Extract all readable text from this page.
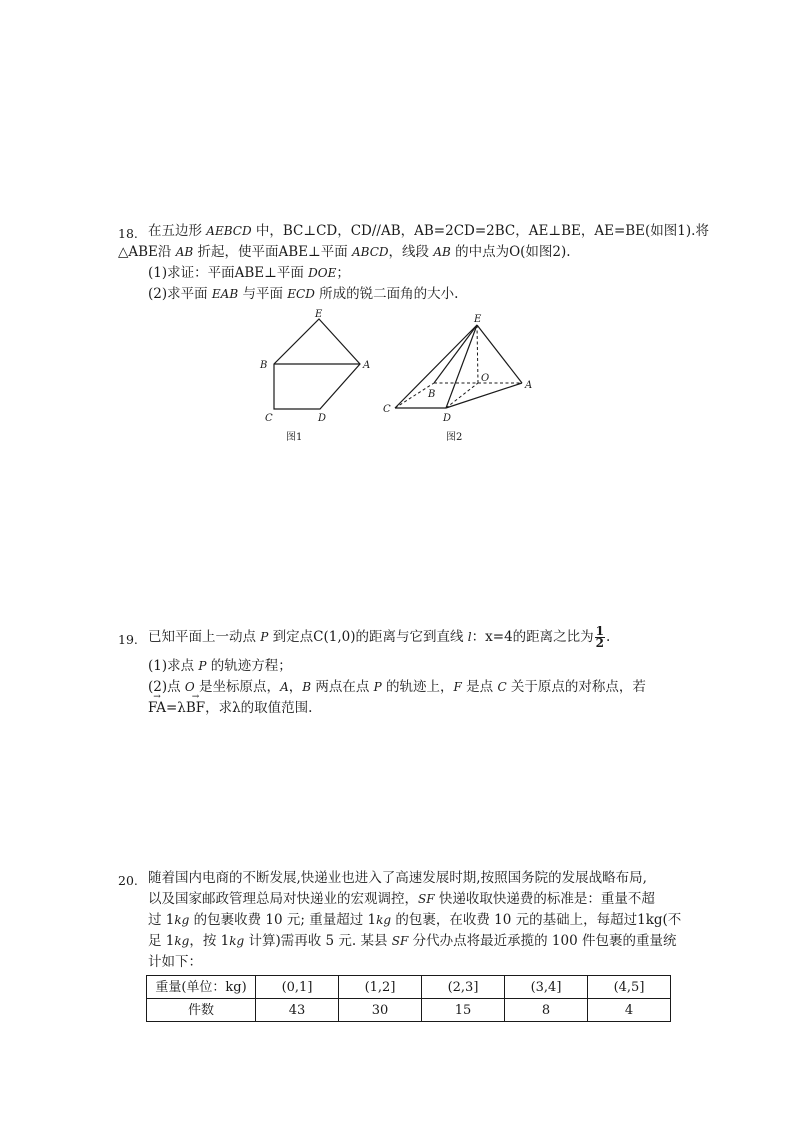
18. 在五边形 AEBCD 中，BC⊥CD，CD//AB，AB=2CD=2BC，AE⊥BE，AE=BE(如图1).将
△ABE沿 AB 折起，使平面ABE⊥平面 ABCD，线段 AB 的中点为O(如图2).
(1)求证：平面ABE⊥平面 DOE；
(2)求平面 EAB 与平面 ECD 所成的锐二面角的大小.
E
B	A
C	D
图1
E
O
A
B
C
D
图2
19. 已知平面上一动点 P 到定点C(1,0)的距离与它到直线 l：x=4的距离之比为 $\frac{1}{2}$ .
(1)求点 P 的轨迹方程；
(2)点 O 是坐标原点，A，B 两点在点 P 的轨迹上，F 是点 C 关于原点的对称点，若
→ FA=λ→ BF，求λ的取值范围.
20. 随着国内电商的不断发展,快递业也进入了高速发展时期,按照国务院的发展战略布局,
以及国家邮政管理总局对快递业的宏观调控，SF 快递收取快递费的标准是：重量不超
过 1kg 的包裹收费 10 元; 重量超过 1kg 的包裹，在收费 10 元的基础上，每超过1kg(不
足 1kg，按 1kg 计算)需再收 5 元. 某县 SF 分代办点将最近承揽的 100 件包裹的重量统
计如下：
重量(单位：kg)	(0,1]	(1,2]	(2,3]	(3,4]	(4,5]
件数	43	30	15	8	4
